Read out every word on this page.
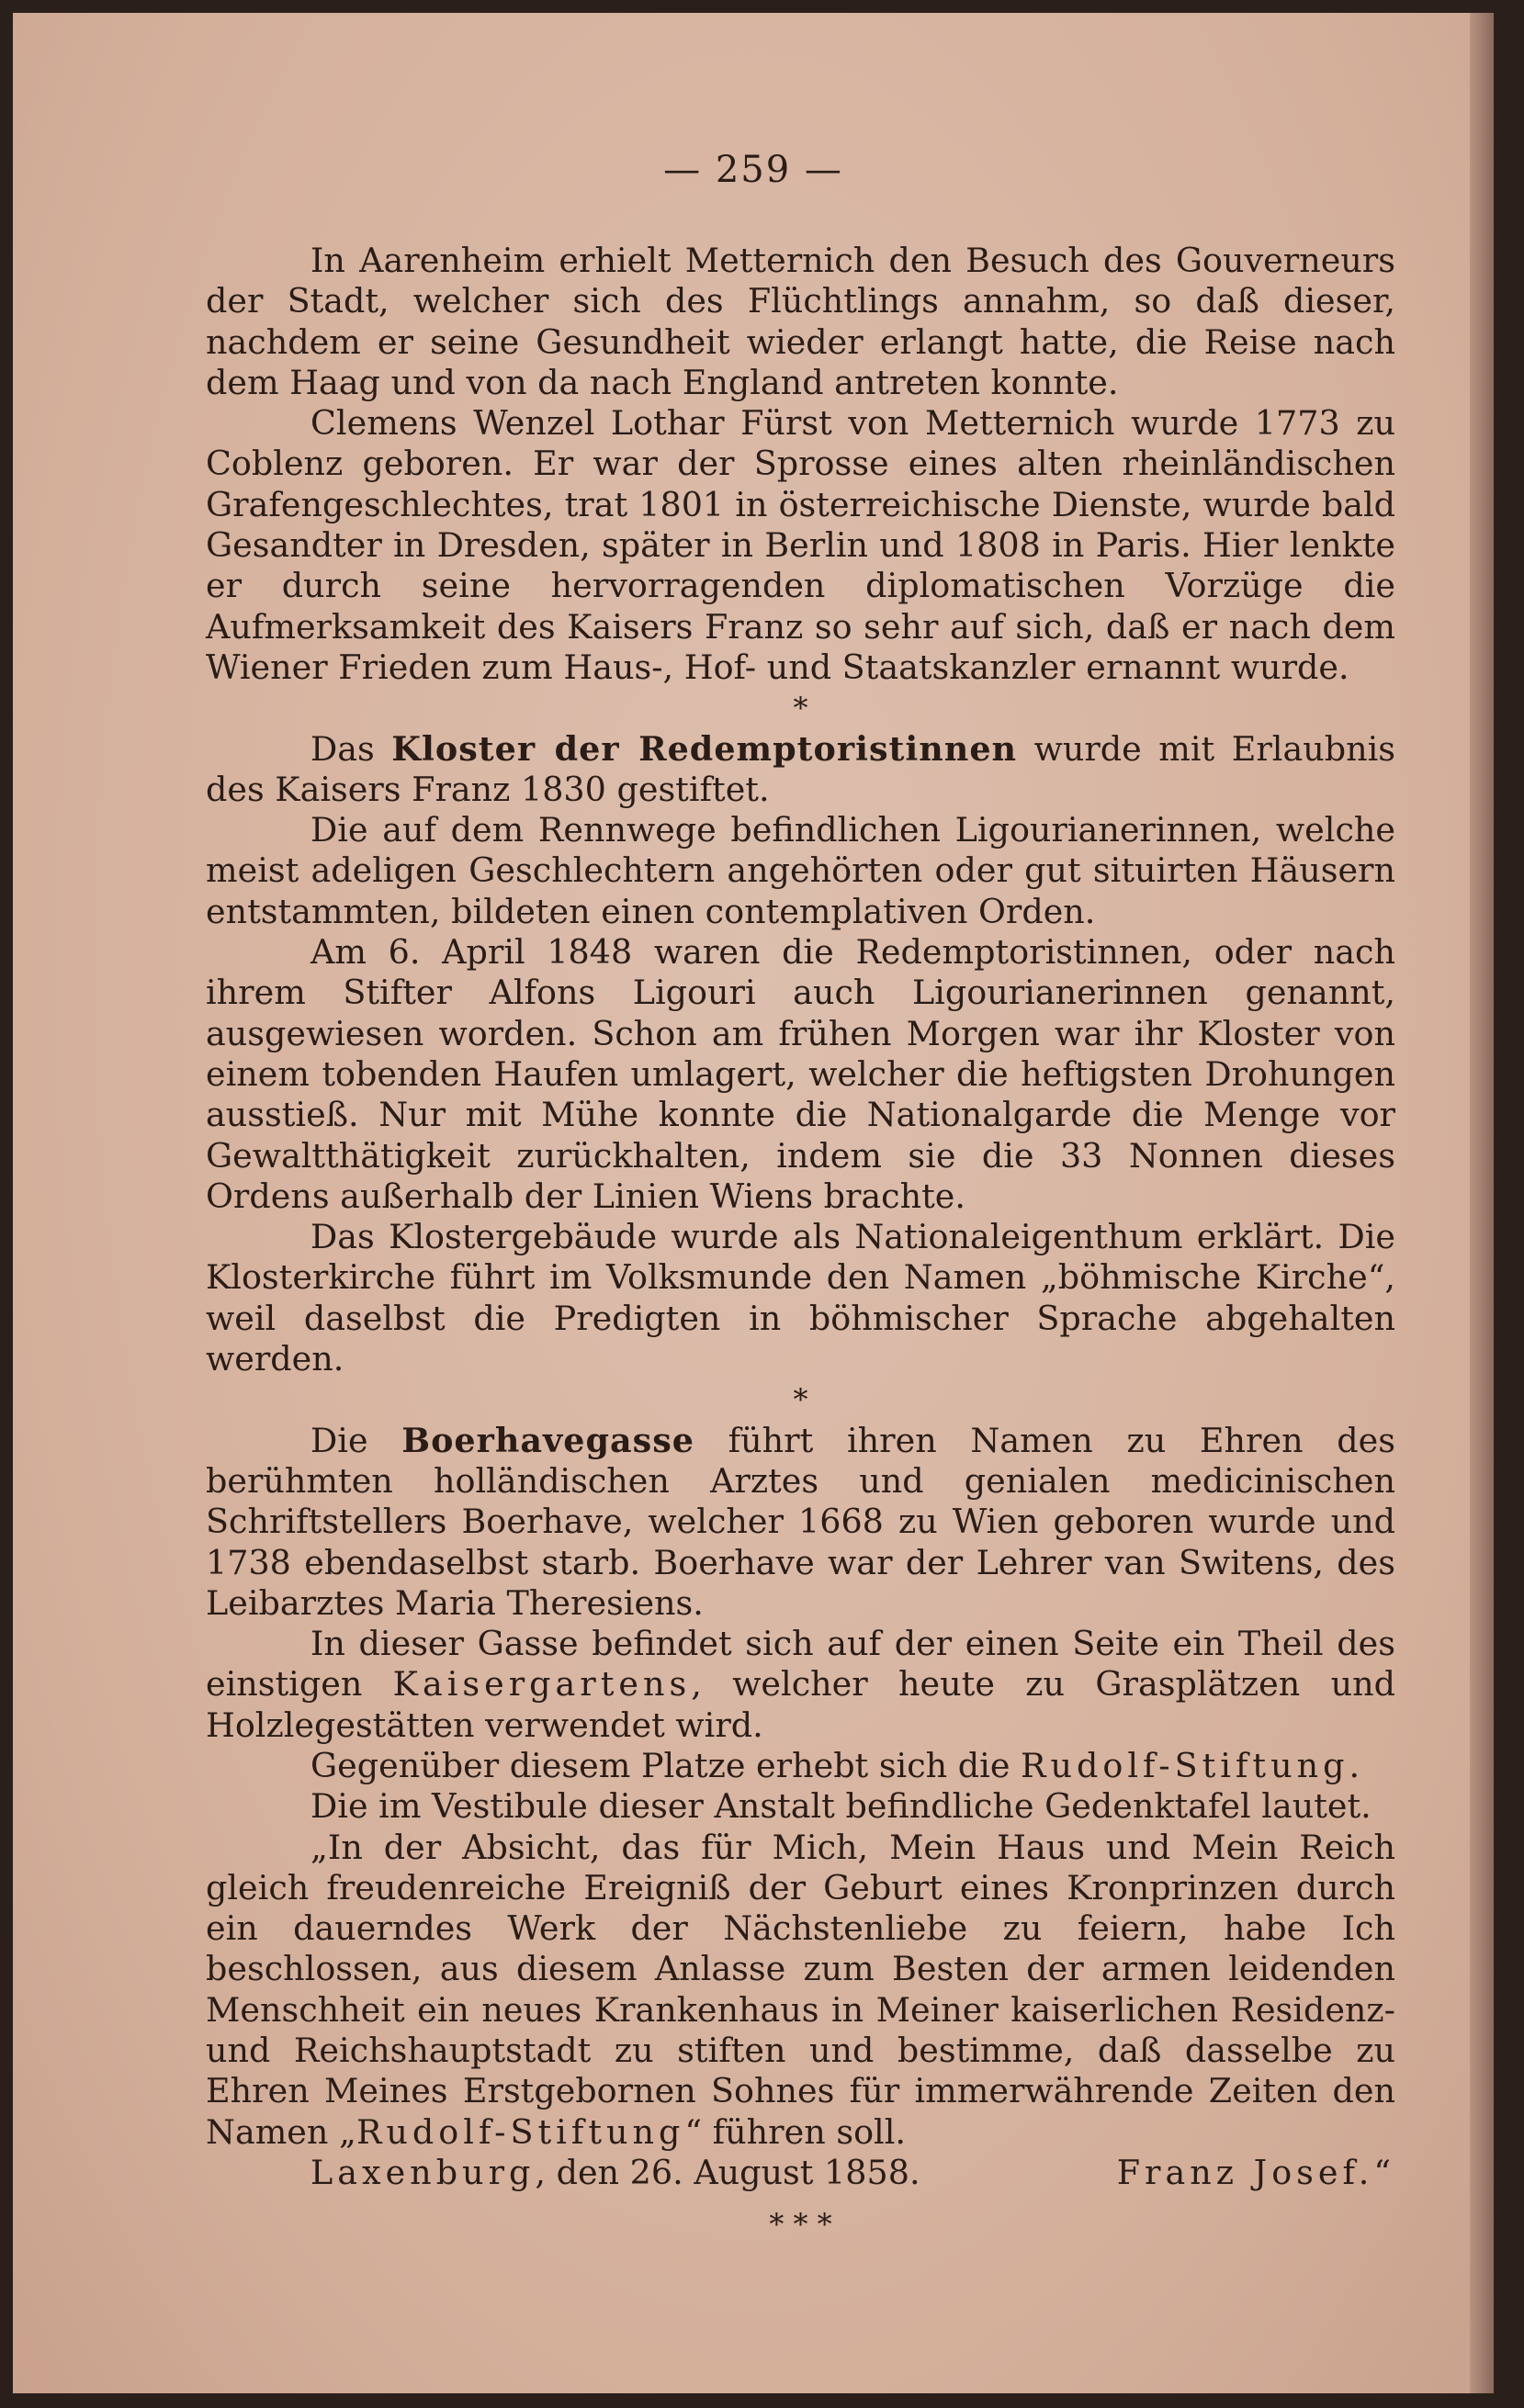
— 259 —

In Aarenheim erhielt Metternich den Besuch des Gouverneurs der Stadt, welcher sich des Flüchtlings annahm, so daß dieser, nachdem er seine Gesundheit wieder erlangt hatte, die Reise nach dem Haag und von da nach England antreten konnte.

Clemens Wenzel Lothar Fürst von Metternich wurde 1773 zu Coblenz geboren. Er war der Sprosse eines alten rheinländischen Grafengeschlechtes, trat 1801 in österreichische Dienste, wurde bald Gesandter in Dresden, später in Berlin und 1808 in Paris. Hier lenkte er durch seine hervorragenden diplomatischen Vorzüge die Aufmerksamkeit des Kaisers Franz so sehr auf sich, daß er nach dem Wiener Frieden zum Haus-, Hof- und Staatskanzler ernannt wurde.

*

Das Kloster der Redemptoristinnen wurde mit Erlaubnis des Kaisers Franz 1830 gestiftet.

Die auf dem Rennwege befindlichen Ligourianerinnen, welche meist adeligen Geschlechtern angehörten oder gut situirten Häusern entstammten, bildeten einen contemplativen Orden.

Am 6. April 1848 waren die Redemptoristinnen, oder nach ihrem Stifter Alfons Ligouri auch Ligourianerinnen genannt, ausgewiesen worden. Schon am frühen Morgen war ihr Kloster von einem tobenden Haufen umlagert, welcher die heftigsten Drohungen ausstieß. Nur mit Mühe konnte die Nationalgarde die Menge vor Gewaltthätigkeit zurückhalten, indem sie die 33 Nonnen dieses Ordens außerhalb der Linien Wiens brachte.

Das Klostergebäude wurde als Nationaleigenthum erklärt. Die Klosterkirche führt im Volksmunde den Namen „böhmische Kirche“, weil daselbst die Predigten in böhmischer Sprache abgehalten werden.

*

Die Boerhavegasse führt ihren Namen zu Ehren des berühmten holländischen Arztes und genialen medicinischen Schriftstellers Boerhave, welcher 1668 zu Wien geboren wurde und 1738 ebendaselbst starb. Boerhave war der Lehrer van Switens, des Leibarztes Maria Theresiens.

In dieser Gasse befindet sich auf der einen Seite ein Theil des einstigen Kaisergartens, welcher heute zu Grasplätzen und Holzlegestätten verwendet wird.

Gegenüber diesem Platze erhebt sich die Rudolf-Stiftung.

Die im Vestibule dieser Anstalt befindliche Gedenktafel lautet.

„In der Absicht, das für Mich, Mein Haus und Mein Reich gleich freudenreiche Ereigniß der Geburt eines Kronprinzen durch ein dauerndes Werk der Nächstenliebe zu feiern, habe Ich beschlossen, aus diesem Anlasse zum Besten der armen leidenden Menschheit ein neues Krankenhaus in Meiner kaiserlichen Residenz- und Reichshauptstadt zu stiften und bestimme, daß dasselbe zu Ehren Meines Erstgebornen Sohnes für immerwährende Zeiten den Namen „Rudolf-Stiftung“ führen soll.

Laxenburg, den 26. August 1858.	Franz Josef.“
* * *
